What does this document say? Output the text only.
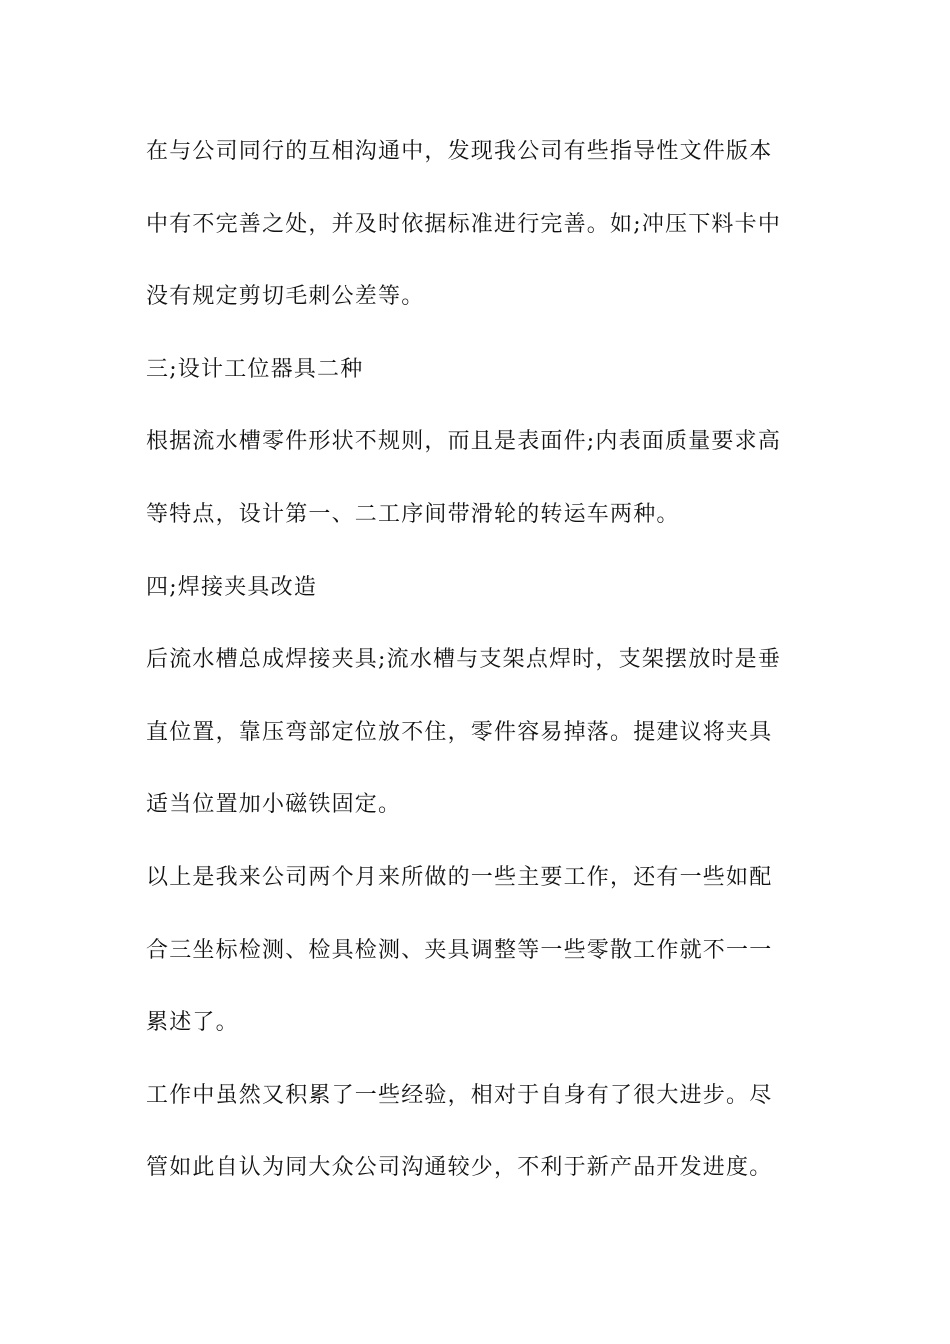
在与公司同行的互相沟通中，发现我公司有些指导性文件版本
中有不完善之处，并及时依据标准进行完善。如;冲压下料卡中
没有规定剪切毛刺公差等。
三;设计工位器具二种
根据流水槽零件形状不规则，而且是表面件;内表面质量要求高
等特点，设计第一、二工序间带滑轮的转运车两种。
四;焊接夹具改造
后流水槽总成焊接夹具;流水槽与支架点焊时，支架摆放时是垂
直位置，靠压弯部定位放不住，零件容易掉落。提建议将夹具
适当位置加小磁铁固定。
以上是我来公司两个月来所做的一些主要工作，还有一些如配
合三坐标检测、检具检测、夹具调整等一些零散工作就不一一
累述了。
工作中虽然又积累了一些经验，相对于自身有了很大进步。尽
管如此自认为同大众公司沟通较少，不利于新产品开发进度。
